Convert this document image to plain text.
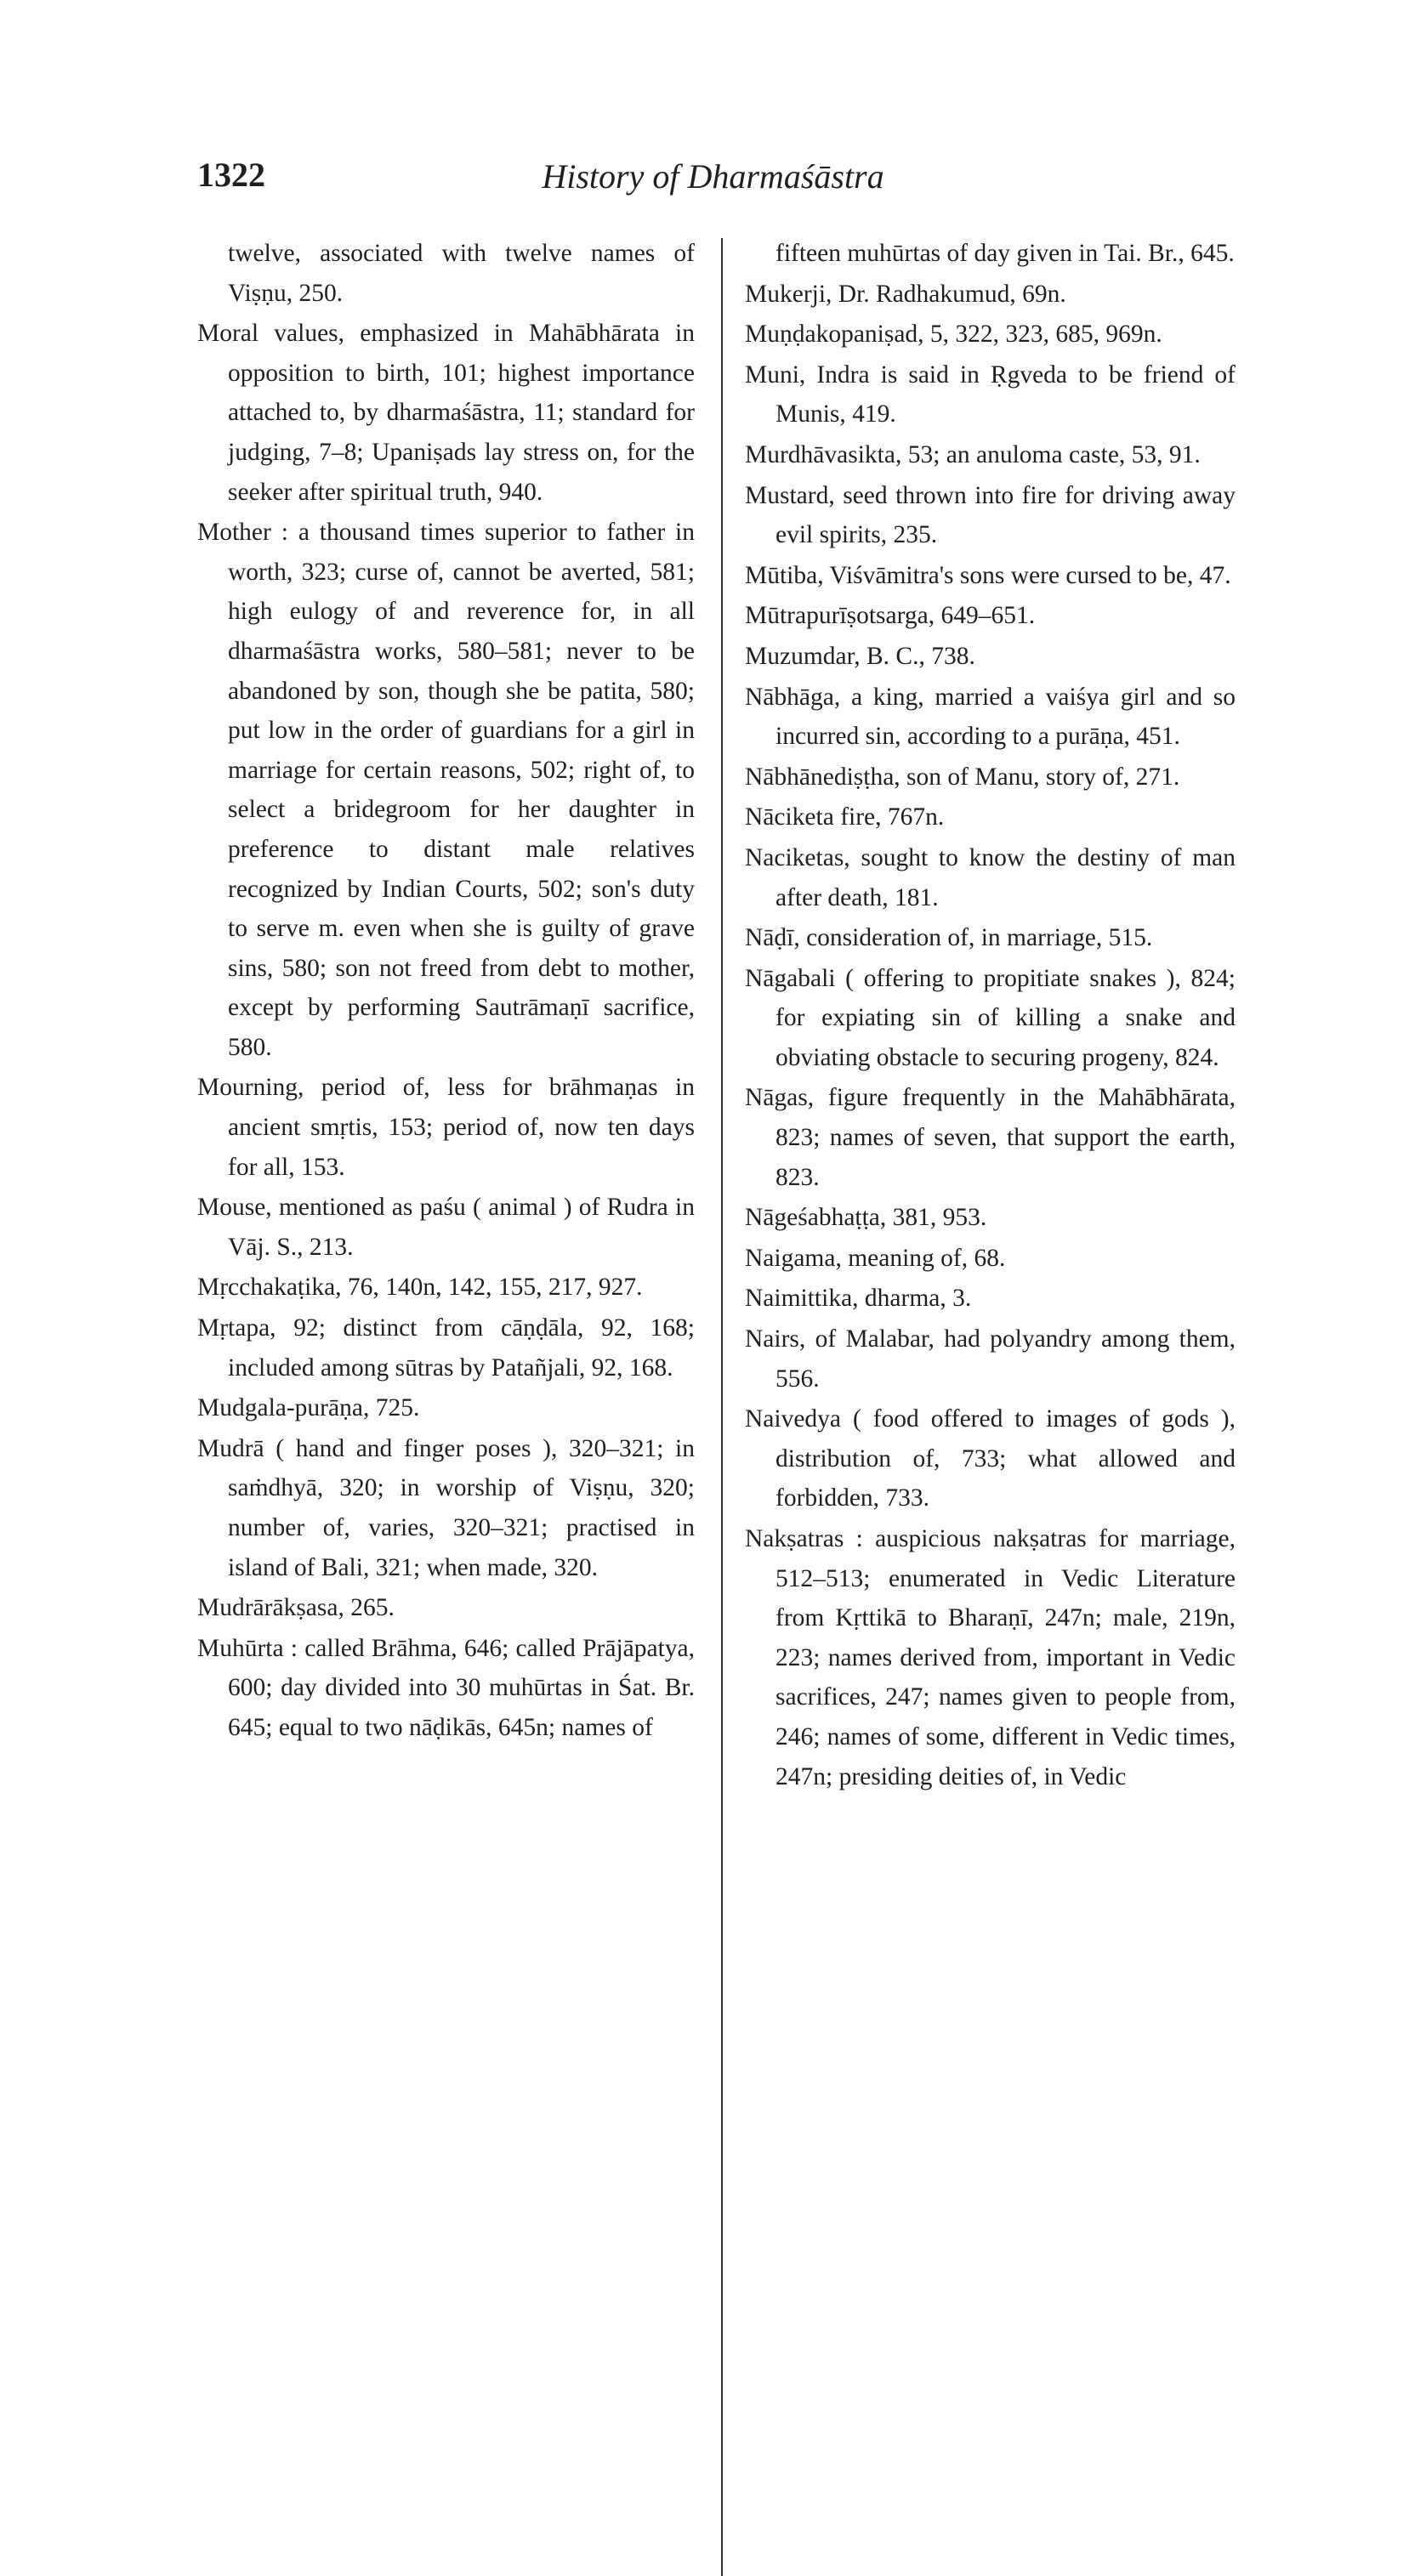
1322	History of Dharmaśāstra

twelve, associated with twelve names of Viṣṇu, 250.

Moral values, emphasized in Mahābhārata in opposition to birth, 101; highest importance attached to, by dharmaśāstra, 11; standard for judging, 7–8; Upaniṣads lay stress on, for the seeker after spiritual truth, 940.

Mother : a thousand times superior to father in worth, 323; curse of, cannot be averted, 581; high eulogy of and reverence for, in all dharmaśāstra works, 580–581; never to be abandoned by son, though she be patita, 580; put low in the order of guardians for a girl in marriage for certain reasons, 502; right of, to select a bridegroom for her daughter in preference to distant male relatives recognized by Indian Courts, 502; son's duty to serve m. even when she is guilty of grave sins, 580; son not freed from debt to mother, except by performing Sautrāmaṇī sacrifice, 580.

Mourning, period of, less for brāhmaṇas in ancient smṛtis, 153; period of, now ten days for all, 153.

Mouse, mentioned as paśu ( animal ) of Rudra in Vāj. S., 213.

Mṛcchakaṭika, 76, 140n, 142, 155, 217, 927.

Mṛtapa, 92; distinct from cāṇḍāla, 92, 168; included among sūtras by Patañjali, 92, 168.

Mudgala-purāṇa, 725.

Mudrā ( hand and finger poses ), 320–321; in saṁdhyā, 320; in worship of Viṣṇu, 320; number of, varies, 320–321; practised in island of Bali, 321; when made, 320.

Mudrārākṣasa, 265.

Muhūrta : called Brāhma, 646; called Prājāpatya, 600; day divided into 30 muhūrtas in Śat. Br. 645; equal to two nāḍikās, 645n; names of

fifteen muhūrtas of day given in Tai. Br., 645.

Mukerji, Dr. Radhakumud, 69n.

Muṇḍakopaniṣad, 5, 322, 323, 685, 969n.

Muni, Indra is said in Ṛgveda to be friend of Munis, 419.

Murdhāvasikta, 53; an anuloma caste, 53, 91.

Mustard, seed thrown into fire for driving away evil spirits, 235.

Mūtiba, Viśvāmitra's sons were cursed to be, 47.

Mūtrapurīṣotsarga, 649–651.

Muzumdar, B. C., 738.

Nābhāga, a king, married a vaiśya girl and so incurred sin, according to a purāṇa, 451.

Nābhānediṣṭha, son of Manu, story of, 271.

Nāciketa fire, 767n.

Naciketas, sought to know the destiny of man after death, 181.

Nāḍī, consideration of, in marriage, 515.

Nāgabali ( offering to propitiate snakes ), 824; for expiating sin of killing a snake and obviating obstacle to securing progeny, 824.

Nāgas, figure frequently in the Mahābhārata, 823; names of seven, that support the earth, 823.

Nāgeśabhaṭṭa, 381, 953.

Naigama, meaning of, 68.

Naimittika, dharma, 3.

Nairs, of Malabar, had polyandry among them, 556.

Naivedya ( food offered to images of gods ), distribution of, 733; what allowed and forbidden, 733.

Nakṣatras : auspicious nakṣatras for marriage, 512–513; enumerated in Vedic Literature from Kṛttikā to Bharaṇī, 247n; male, 219n, 223; names derived from, important in Vedic sacrifices, 247; names given to people from, 246; names of some, different in Vedic times, 247n; presiding deities of, in Vedic
